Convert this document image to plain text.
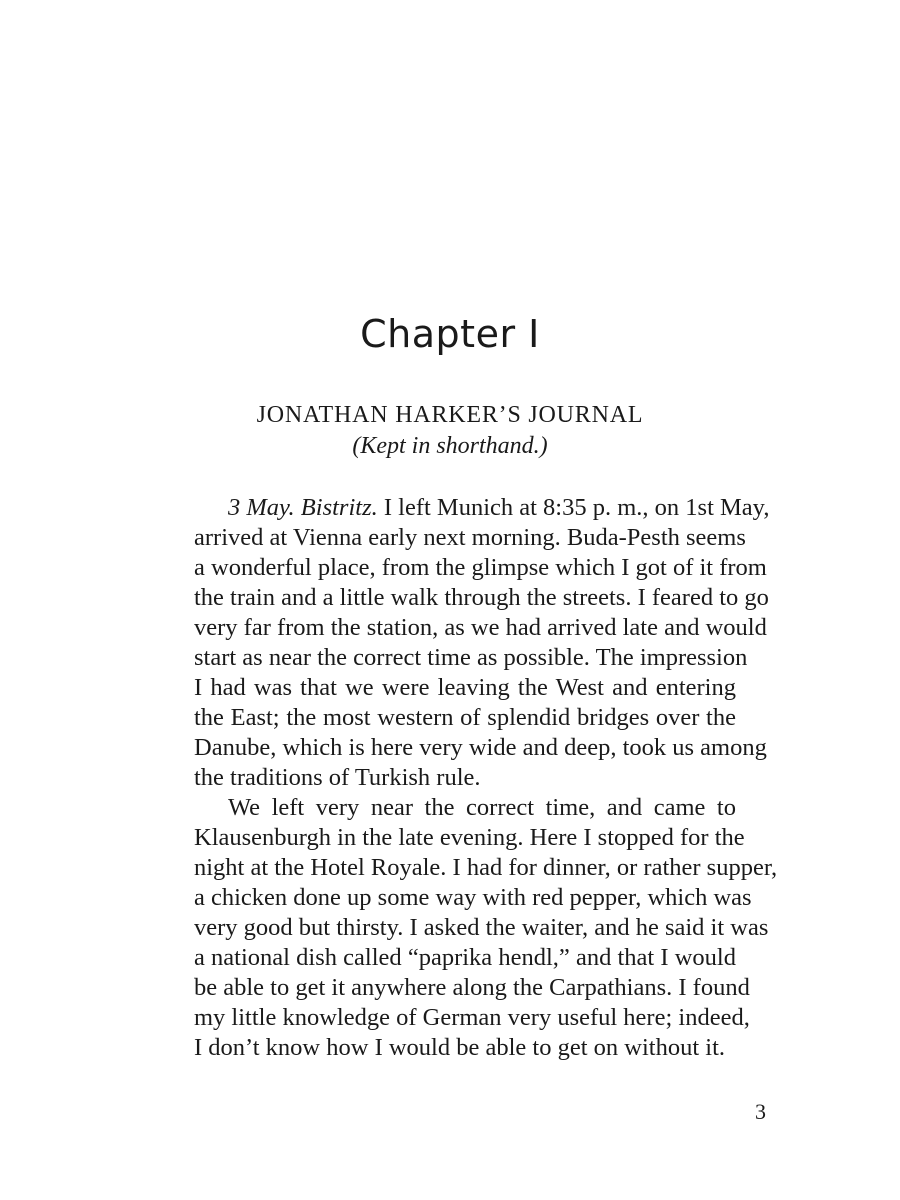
Chapter I
JONATHAN HARKER’S JOURNAL

(Kept in shorthand.)

3 May. Bistritz. I left Munich at 8:35 p. m., on 1st May,
arrived at Vienna early next morning. Buda-Pesth seems
a wonderful place, from the glimpse which I got of it from
the train and a little walk through the streets. I feared to go
very far from the station, as we had arrived late and would
start as near the correct time as possible. The impression
I had was that we were leaving the West and entering
the East; the most western of splendid bridges over the
Danube, which is here very wide and deep, took us among
the traditions of Turkish rule.

We left very near the correct time, and came to
Klausenburgh in the late evening. Here I stopped for the
night at the Hotel Royale. I had for dinner, or rather supper,
a chicken done up some way with red pepper, which was
very good but thirsty. I asked the waiter, and he said it was
a national dish called “paprika hendl,” and that I would
be able to get it anywhere along the Carpathians. I found
my little knowledge of German very useful here; indeed,
I don’t know how I would be able to get on without it.

3
